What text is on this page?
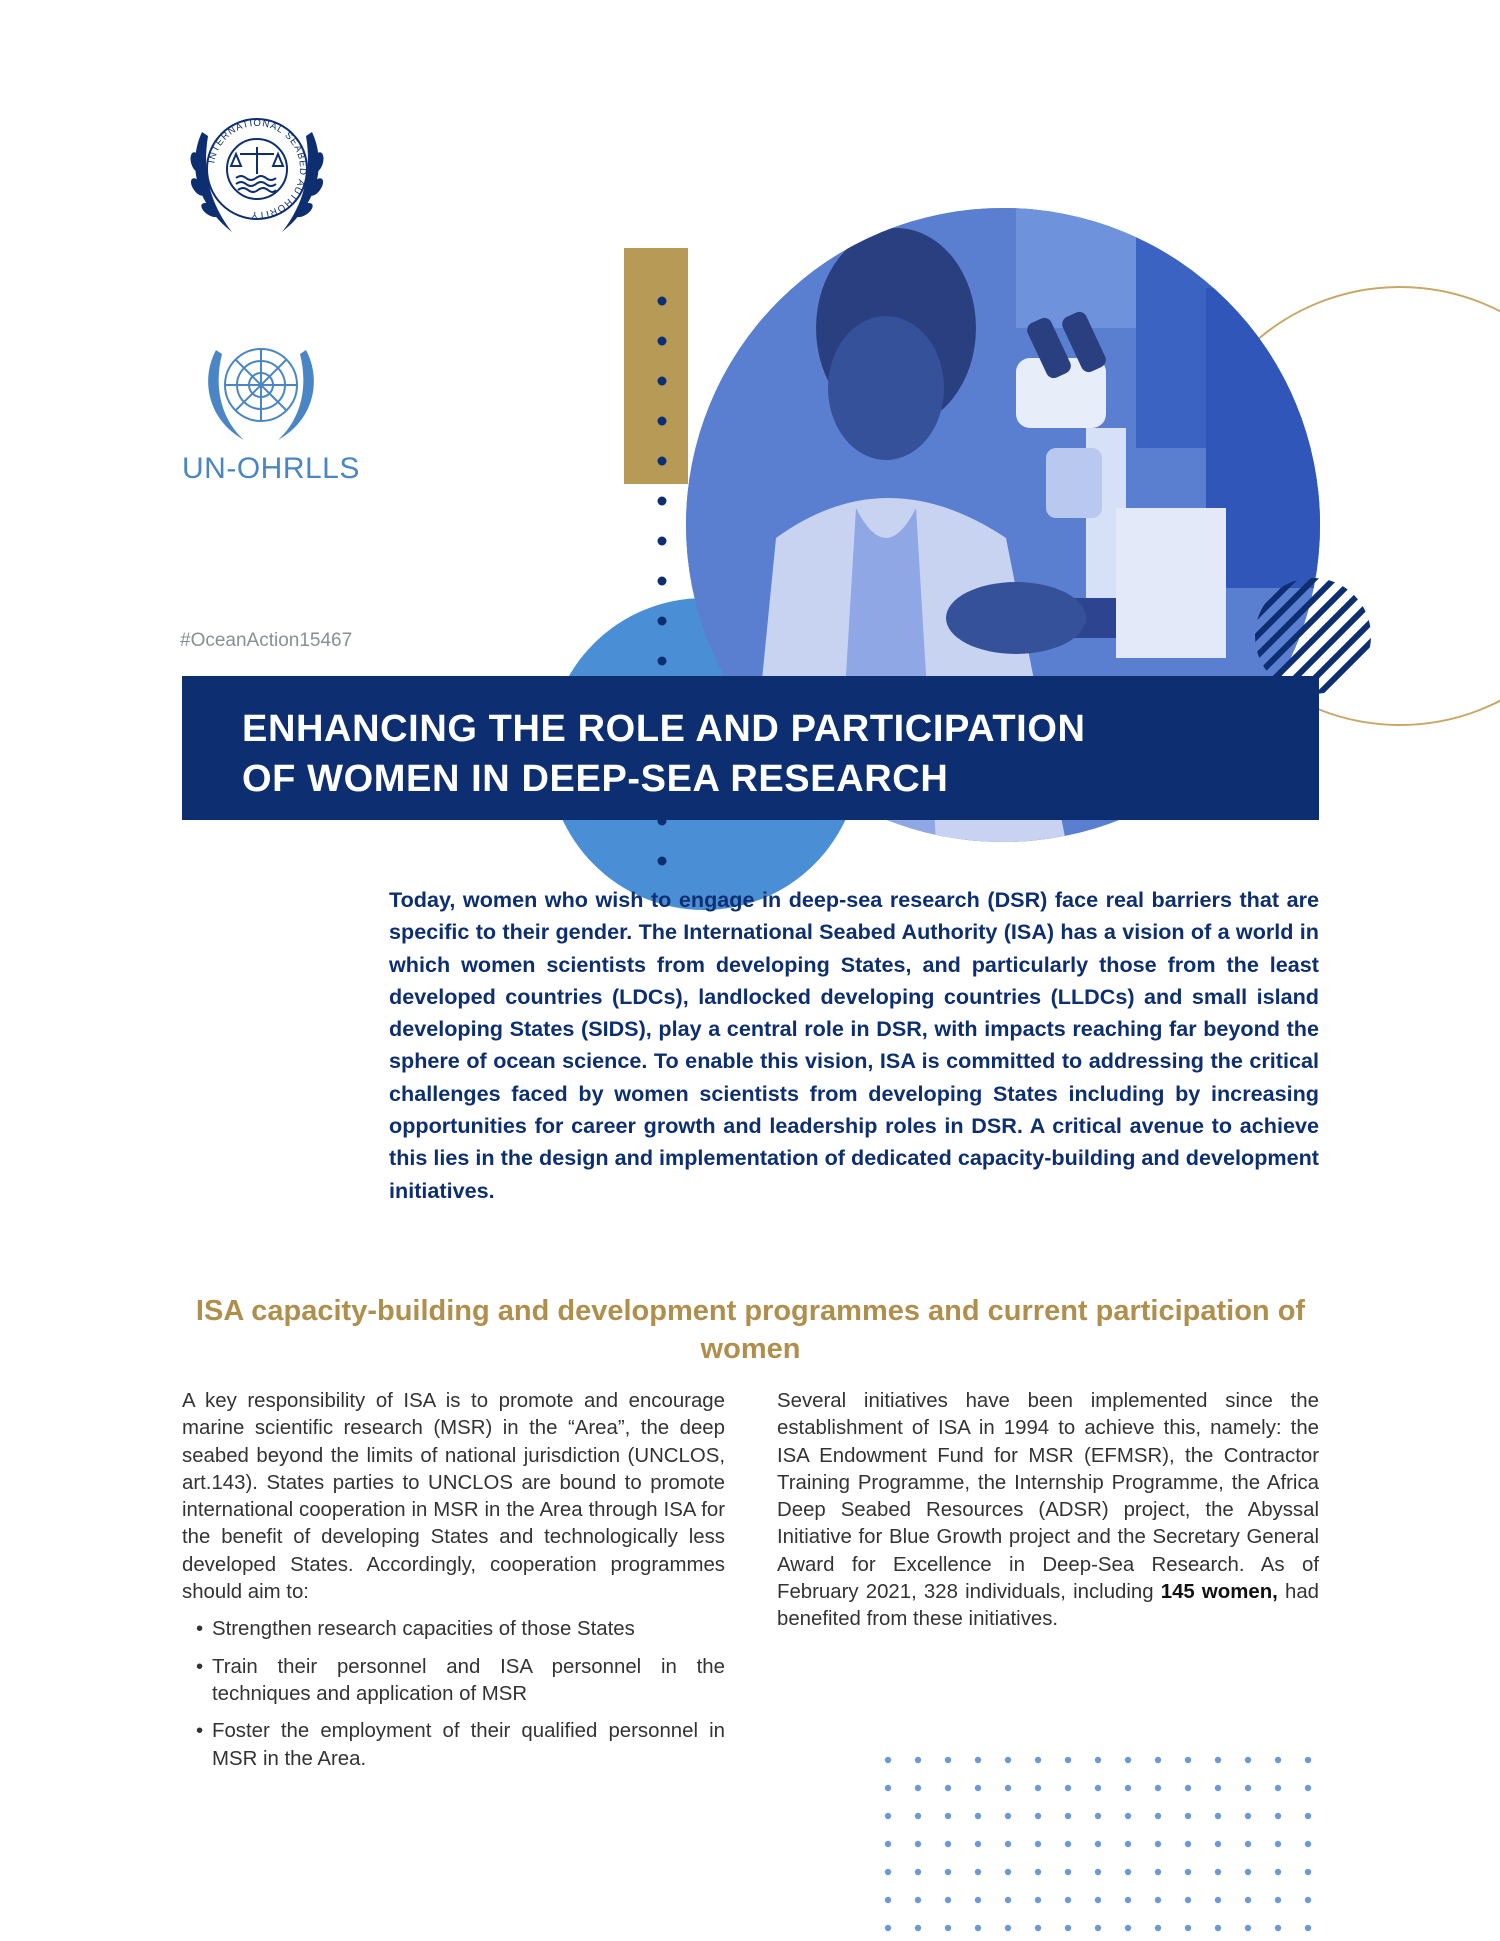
INTERNATIONAL SEABED AUTHORITY
UN-OHRLLS
#OceanAction15467
ENHANCING THE ROLE AND PARTICIPATION
OF WOMEN IN DEEP-SEA RESEARCH
Today, women who wish to engage in deep-sea research (DSR) face real barriers that are specific to their gender. The International Seabed Authority (ISA) has a vision of a world in which women scientists from developing States, and particularly those from the least developed countries (LDCs), landlocked developing countries (LLDCs) and small island developing States (SIDS), play a central role in DSR, with impacts reaching far beyond the sphere of ocean science. To enable this vision, ISA is committed to addressing the critical challenges faced by women scientists from developing States including by increasing opportunities for career growth and leadership roles in DSR. A critical avenue to achieve this lies in the design and implementation of dedicated capacity-building and development initiatives.
ISA capacity-building and development programmes and current participation of women

A key responsibility of ISA is to promote and encourage marine scientific research (MSR) in the “Area”, the deep seabed beyond the limits of national jurisdiction (UNCLOS, art.143). States parties to UNCLOS are bound to promote international cooperation in MSR in the Area through ISA for the benefit of developing States and technologically less developed States. Accordingly, cooperation programmes should aim to:

• Strengthen research capacities of those States
• Train their personnel and ISA personnel in the techniques and application of MSR
• Foster the employment of their qualified personnel in MSR in the Area.

Several initiatives have been implemented since the establishment of ISA in 1994 to achieve this, namely: the ISA Endowment Fund for MSR (EFMSR), the Contractor Training Programme, the Internship Programme, the Africa Deep Seabed Resources (ADSR) project, the Abyssal Initiative for Blue Growth project and the Secretary General Award for Excellence in Deep-Sea Research. As of February 2021, 328 individuals, including 145 women, had benefited from these initiatives.
